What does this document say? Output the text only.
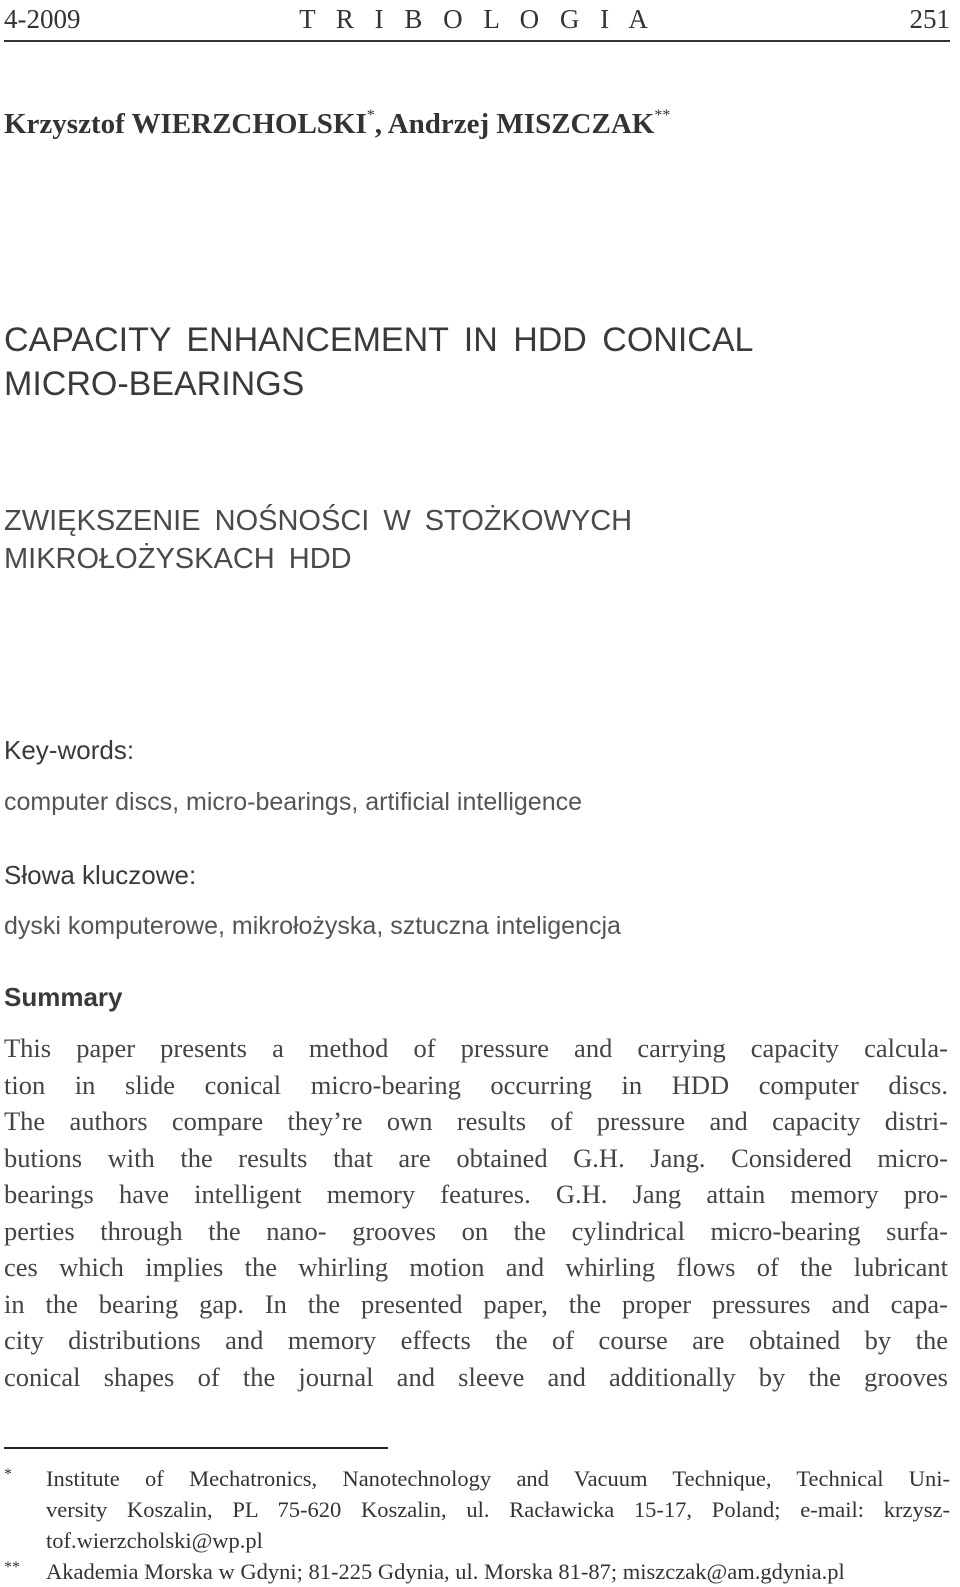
4-2009	T R I B O L O G I A	251
Krzysztof WIERZCHOLSKI*, Andrzej MISZCZAK**
CAPACITY ENHANCEMENT IN HDD CONICAL
MICRO-BEARINGS
ZWIĘKSZENIE NOŚNOŚCI W STOŻKOWYCH
MIKROŁOŻYSKACH HDD
Key-words:
computer discs, micro-bearings, artificial intelligence
Słowa kluczowe:
dyski komputerowe, mikrołożyska, sztuczna inteligencja
Summary
This paper presents a method of pressure and carrying capacity calcula-
tion in slide conical micro-bearing occurring in HDD computer discs.
The authors compare they’re own results of pressure and capacity distri-
butions with the results that are obtained G.H. Jang. Considered micro-
bearings have intelligent memory features. G.H. Jang attain memory pro-
perties through the nano- grooves on the cylindrical micro-bearing surfa-
ces which implies the whirling motion and whirling flows of the lubricant
in the bearing gap. In the presented paper, the proper pressures and capa-
city distributions and memory effects the of course are obtained by the
conical shapes of the journal and sleeve and additionally by the grooves
* Institute of Mechatronics, Nanotechnology and Vacuum Technique, Technical Uni-
versity Koszalin, PL 75-620 Koszalin, ul. Racławicka 15-17, Poland; e-mail: krzysz-
tof.wierzcholski@wp.pl
** Akademia Morska w Gdyni; 81-225 Gdynia, ul. Morska 81-87; miszczak@am.gdynia.pl
